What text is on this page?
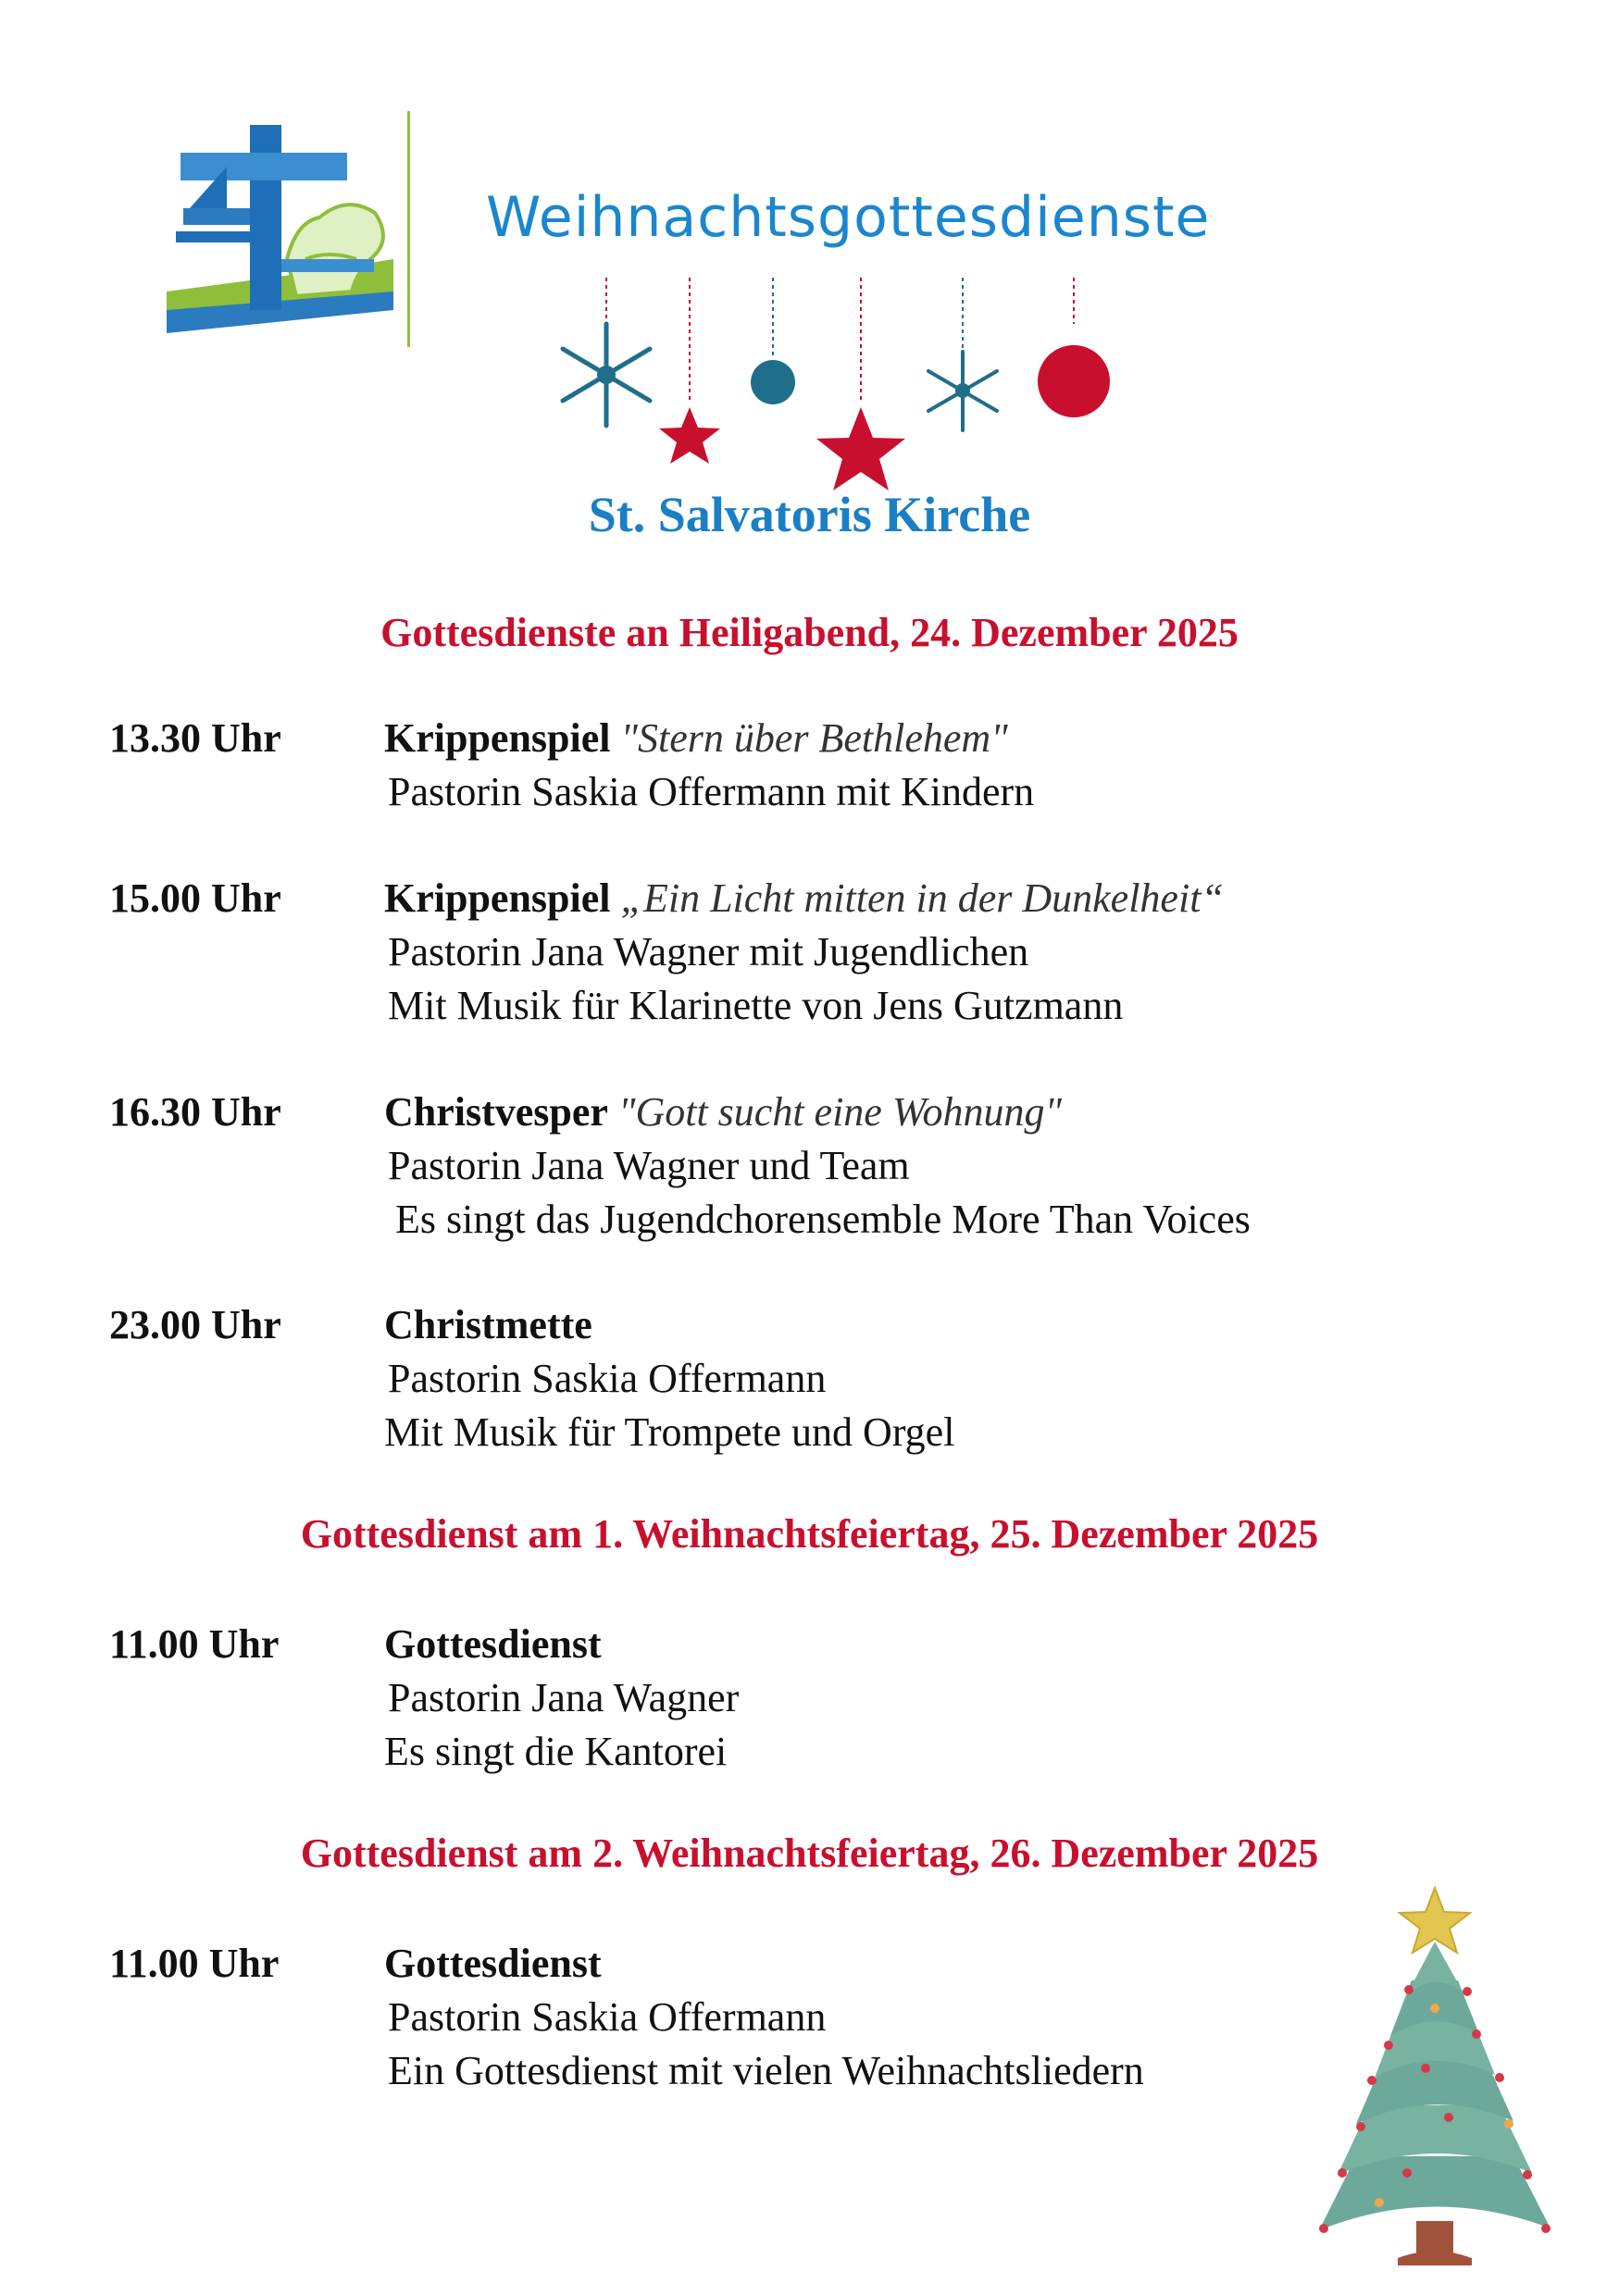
Weihnachtsgottesdienste
St. Salvatoris Kirche
Gottesdienste an Heiligabend, 24. Dezember 2025
13.30 Uhr	Krippenspiel "Stern über Bethlehem"
Pastorin Saskia Offermann mit Kindern
15.00 Uhr	Krippenspiel „Ein Licht mitten in der Dunkelheit“
Pastorin Jana Wagner mit Jugendlichen
Mit Musik für Klarinette von Jens Gutzmann
16.30 Uhr	Christvesper "Gott sucht eine Wohnung"
Pastorin Jana Wagner und Team
Es singt das Jugendchorensemble More Than Voices
23.00 Uhr	Christmette
Pastorin Saskia Offermann
Mit Musik für Trompete und Orgel
Gottesdienst am 1. Weihnachtsfeiertag, 25. Dezember 2025
11.00 Uhr	Gottesdienst
Pastorin Jana Wagner
Es singt die Kantorei
Gottesdienst am 2. Weihnachtsfeiertag, 26. Dezember 2025
11.00 Uhr	Gottesdienst
Pastorin Saskia Offermann
Ein Gottesdienst mit vielen Weihnachtsliedern
